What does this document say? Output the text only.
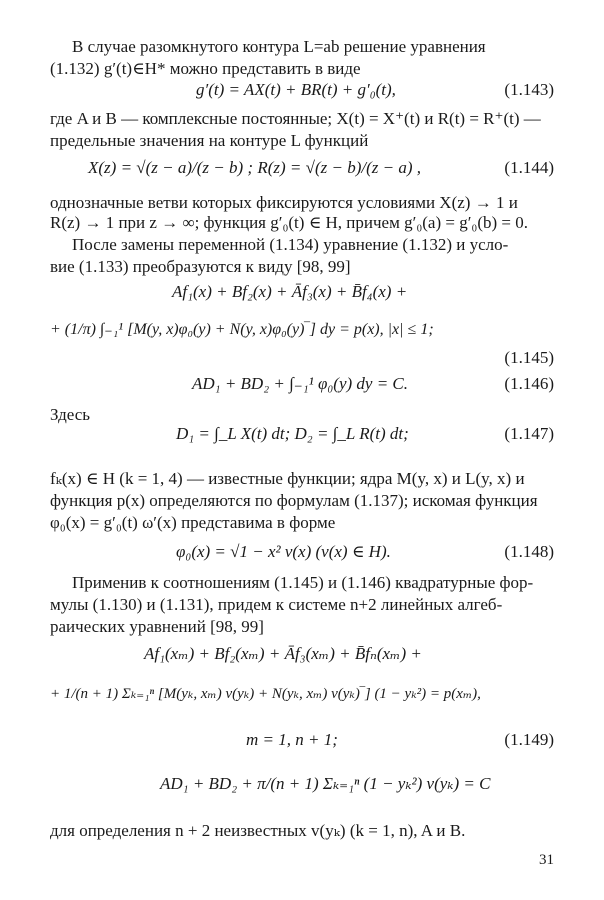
В случае разомкнутого контура L=ab решение уравнения
(1.132) g′(t)∈H* можно представить в виде
g′(t) = AX(t) + BR(t) + g′₀(t),	(1.143)
где A и B — комплексные постоянные; X(t) = X⁺(t) и R(t) = R⁺(t) —
предельные значения на контуре L функций
X(z) = √(z − a)/(z − b) ; R(z) = √(z − b)/(z − a) ,	(1.144)
однозначные ветви которых фиксируются условиями X(z) → 1 и
R(z) → 1 при z → ∞; функция g′₀(t) ∈ H, причем g′₀(a) = g′₀(b) = 0.
После замены переменной (1.134) уравнение (1.132) и усло-
вие (1.133) преобразуются к виду [98, 99]
Af₁(x) + Bf₂(x) + Āf₃(x) + B̄f₄(x) +
+ (1/π) ∫₋₁¹ [M(y, x)φ₀(y) + N(y, x)φ₀(y)‾] dy = p(x), |x| ≤ 1;
(1.145)
AD₁ + BD₂ + ∫₋₁¹ φ₀(y) dy = C.	(1.146)
Здесь
D₁ = ∫_L X(t) dt; D₂ = ∫_L R(t) dt;	(1.147)
fₖ(x) ∈ H (k = 1, 4) — известные функции; ядра M(y, x) и L(y, x) и
функция p(x) определяются по формулам (1.137); искомая функция
φ₀(x) = g′₀(t) ω′(x) представима в форме
φ₀(x) = √1 − x² v(x) (v(x) ∈ H).	(1.148)
Применив к соотношениям (1.145) и (1.146) квадратурные фор-
мулы (1.130) и (1.131), придем к системе n+2 линейных алгеб-
раических уравнений [98, 99]
Af₁(xₘ) + Bf₂(xₘ) + Āf₃(xₘ) + B̄fₙ(xₘ) +
+ 1/(n + 1) Σₖ₌₁ⁿ [M(yₖ, xₘ) v(yₖ) + N(yₖ, xₘ) v(yₖ)‾] (1 − yₖ²) = p(xₘ),
m = 1, n + 1;	(1.149)
AD₁ + BD₂ + π/(n + 1) Σₖ₌₁ⁿ (1 − yₖ²) v(yₖ) = C
для определения n + 2 неизвестных v(yₖ) (k = 1, n), A и B.
31
